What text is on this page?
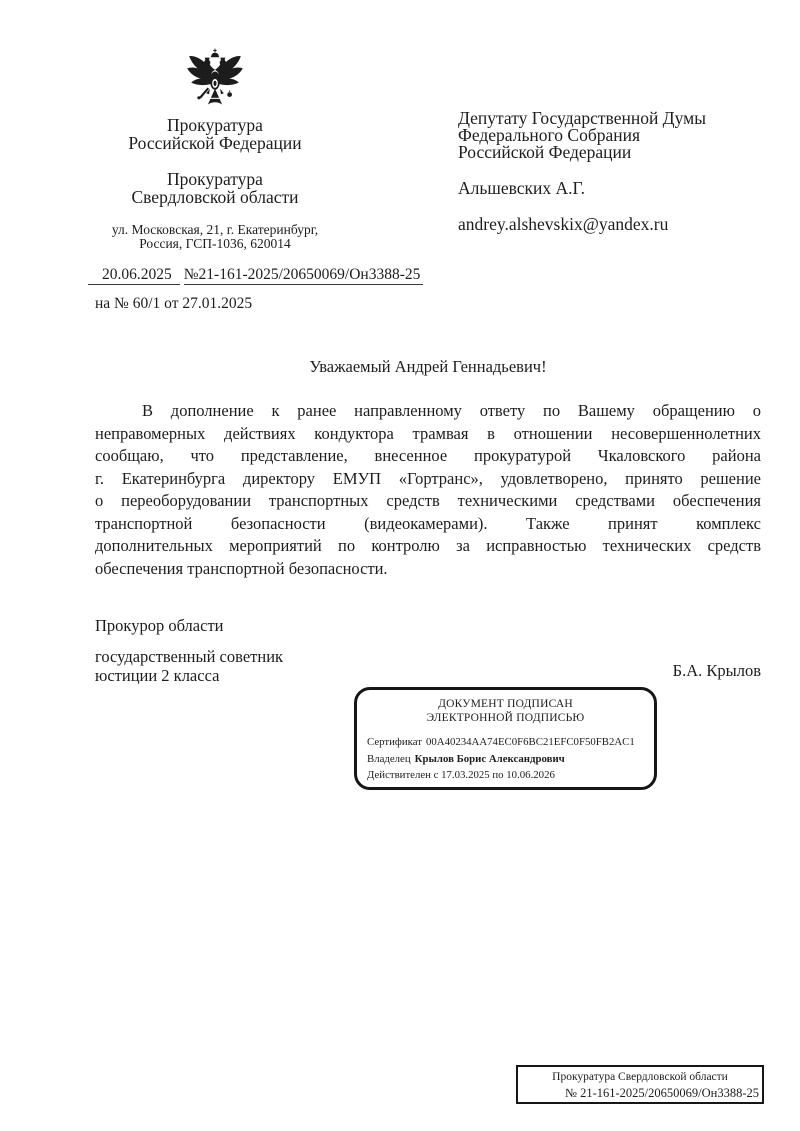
Прокуратура
Российской Федерации
Прокуратура
Свердловской области
ул. Московская, 21, г. Екатеринбург,
Россия, ГСП-1036, 620014
Депутату Государственной Думы
Федерального Собрания
Российской Федерации
Альшевских А.Г.
andrey.alshevskix@yandex.ru
20.06.2025 №21-161-2025/20650069/Он3388-25
на № 60/1 от 27.01.2025
Уважаемый Андрей Геннадьевич!
В дополнение к ранее направленному ответу по Вашему обращению о
неправомерных действиях кондуктора трамвая в отношении несовершеннолетних
сообщаю, что представление, внесенное прокуратурой Чкаловского района
г. Екатеринбурга директору ЕМУП «Гортранс», удовлетворено, принято решение
о переоборудовании транспортных средств техническими средствами обеспечения
транспортной безопасности (видеокамерами). Также принят комплекс
дополнительных мероприятий по контролю за исправностью технических средств
обеспечения транспортной безопасности.
Прокурор области
государственный советник
юстиции 2 класса	Б.А. Крылов
ДОКУМЕНТ ПОДПИСАН
ЭЛЕКТРОННОЙ ПОДПИСЬЮ
Сертификат 00A40234AA74EC0F6BC21EFC0F50FB2AC1
Владелец Крылов Борис Александрович
Действителен с 17.03.2025 по 10.06.2026
Прокуратура Свердловской области
№ 21-161-2025/20650069/Он3388-25
